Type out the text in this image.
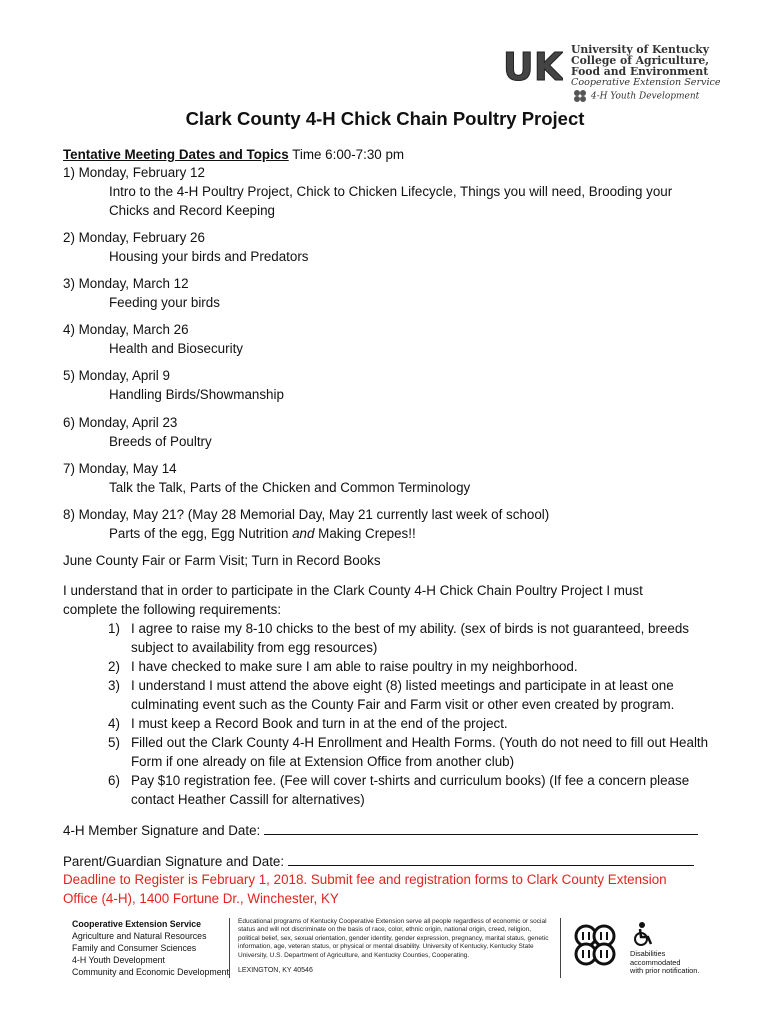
UK University of Kentucky
College of Agriculture,
Food and Environment
Cooperative Extension Service
4-H Youth Development
Clark County 4-H Chick Chain Poultry Project
Tentative Meeting Dates and Topics Time 6:00-7:30 pm
1) Monday, February 12
Intro to the 4-H Poultry Project, Chick to Chicken Lifecycle, Things you will need, Brooding your
Chicks and Record Keeping
2) Monday, February 26
Housing your birds and Predators
3) Monday, March 12
Feeding your birds
4) Monday, March 26
Health and Biosecurity
5) Monday, April 9
Handling Birds/Showmanship
6) Monday, April 23
Breeds of Poultry
7) Monday, May 14
Talk the Talk, Parts of the Chicken and Common Terminology
8) Monday, May 21? (May 28 Memorial Day, May 21 currently last week of school)
Parts of the egg, Egg Nutrition and Making Crepes!!
June County Fair or Farm Visit; Turn in Record Books
I understand that in order to participate in the Clark County 4-H Chick Chain Poultry Project I must
complete the following requirements:
1) I agree to raise my 8-10 chicks to the best of my ability. (sex of birds is not guaranteed, breeds subject to availability from egg resources)
2) I have checked to make sure I am able to raise poultry in my neighborhood.
3) I understand I must attend the above eight (8) listed meetings and participate in at least one culminating event such as the County Fair and Farm visit or other even created by program.
4) I must keep a Record Book and turn in at the end of the project.
5) Filled out the Clark County 4-H Enrollment and Health Forms. (Youth do not need to fill out Health Form if one already on file at Extension Office from another club)
6) Pay $10 registration fee. (Fee will cover t-shirts and curriculum books) (If fee a concern please contact Heather Cassill for alternatives)
4-H Member Signature and Date:
Parent/Guardian Signature and Date:
Deadline to Register is February 1, 2018. Submit fee and registration forms to Clark County Extension
Office (4-H), 1400 Fortune Dr., Winchester, KY
Cooperative Extension Service
Agriculture and Natural Resources
Family and Consumer Sciences
4-H Youth Development
Community and Economic Development
Educational programs of Kentucky Cooperative Extension serve all people regardless of economic or social status and will not discriminate on the basis of race, color, ethnic origin, national origin, creed, religion, political belief, sex, sexual orientation, gender identity, gender expression, pregnancy, marital status, genetic information, age, veteran status, or physical or mental disability. University of Kentucky, Kentucky State University, U.S. Department of Agriculture, and Kentucky Counties, Cooperating.
LEXINGTON, KY 40546
Disabilities
accommodated
with prior notification.
